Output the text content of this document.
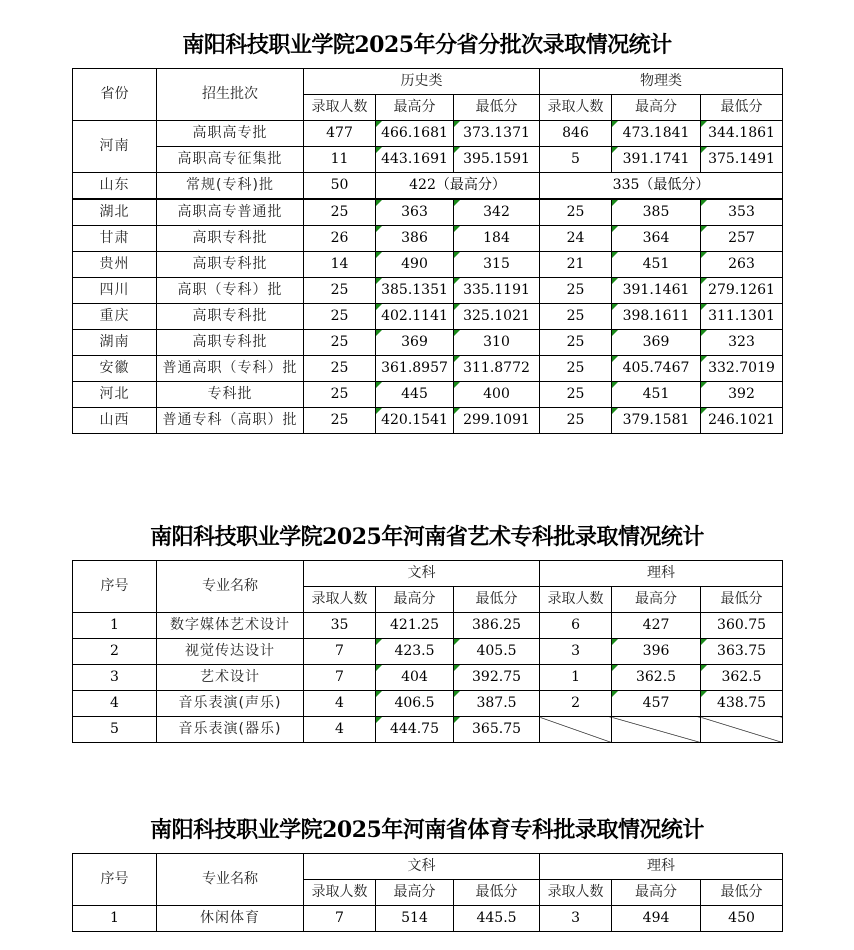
南阳科技职业学院2025年分省分批次录取情况统计
省份	招生批次	历史类			物理类		
		录取人数	最高分	最低分	录取人数	最高分	最低分
河南	高职高专批	477	466.1681	373.1371	846	473.1841	344.1861
	高职高专征集批	11	443.1691	395.1591	5	391.1741	375.1491
山东	常规(专科)批	50	422（最高分）		335（最低分）		
湖北	高职高专普通批	25	363	342	25	385	353
甘肃	高职专科批	26	386	184	24	364	257
贵州	高职专科批	14	490	315	21	451	263
四川	高职（专科）批	25	385.1351	335.1191	25	391.1461	279.1261
重庆	高职专科批	25	402.1141	325.1021	25	398.1611	311.1301
湖南	高职专科批	25	369	310	25	369	323
安徽	普通高职（专科）批	25	361.8957	311.8772	25	405.7467	332.7019
河北	专科批	25	445	400	25	451	392
山西	普通专科（高职）批	25	420.1541	299.1091	25	379.1581	246.1021
南阳科技职业学院2025年河南省艺术专科批录取情况统计
序号	专业名称	文科			理科		
		录取人数	最高分	最低分	录取人数	最高分	最低分
1	数字媒体艺术设计	35	421.25	386.25	6	427	360.75
2	视觉传达设计	7	423.5	405.5	3	396	363.75
3	艺术设计	7	404	392.75	1	362.5	362.5
4	音乐表演(声乐)	4	406.5	387.5	2	457	438.75
5	音乐表演(器乐)	4	444.75	365.75			
南阳科技职业学院2025年河南省体育专科批录取情况统计
序号	专业名称	文科			理科		
		录取人数	最高分	最低分	录取人数	最高分	最低分
1	休闲体育	7	514	445.5	3	494	450
